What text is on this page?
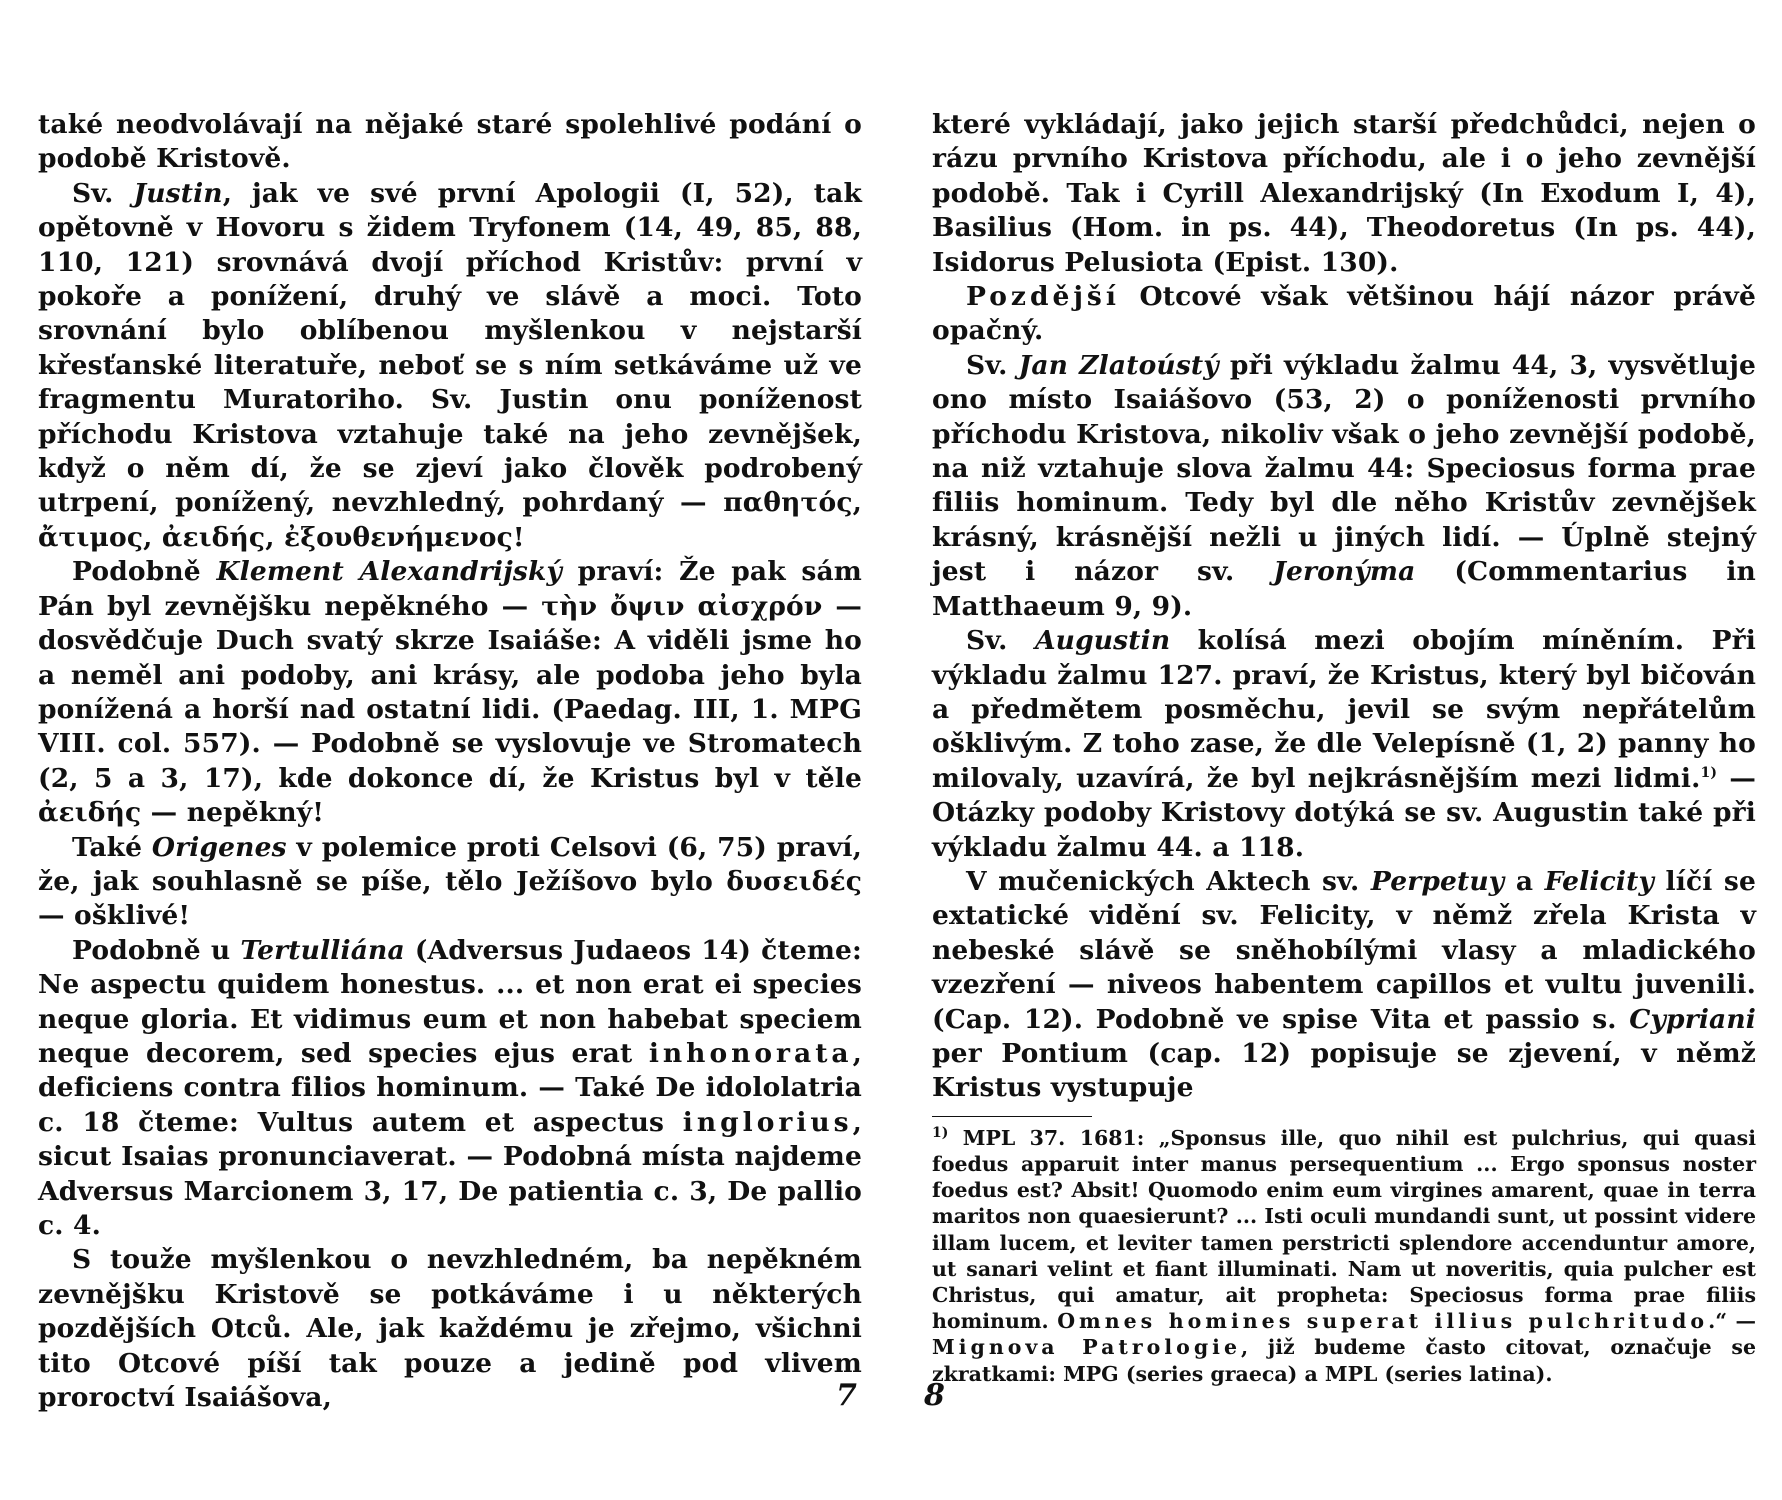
také neodvolávají na nějaké staré spolehlivé podání o podobě Kristově.

Sv. Justin, jak ve své první Apologii (I, 52), tak opětovně v Hovoru s židem Tryfonem (14, 49, 85, 88, 110, 121) srovnává dvojí příchod Kristův: první v pokoře a ponížení, druhý ve slávě a moci. Toto srovnání bylo oblíbenou myšlenkou v nejstarší křesťanské literatuře, neboť se s ním setkáváme už ve fragmentu Muratoriho. Sv. Justin onu poníženost příchodu Kristova vztahuje také na jeho zevnějšek, když o něm dí, že se zjeví jako člověk podrobený utrpení, ponížený, nevzhledný, pohrdaný — παθητός, ἄτιμος, ἀειδής, ἐξουθενήμενος!

Podobně Klement Alexandrijský praví: Že pak sám Pán byl zevnějšku nepěkného — τὴν ὄψιν αἰσχρόν — dosvědčuje Duch svatý skrze Isaiáše: A viděli jsme ho a neměl ani podoby, ani krásy, ale podoba jeho byla ponížená a horší nad ostatní lidi. (Paedag. III, 1. MPG VIII. col. 557). — Podobně se vyslovuje ve Stromatech (2, 5 a 3, 17), kde dokonce dí, že Kristus byl v těle ἀειδής — nepěkný!

Také Origenes v polemice proti Celsovi (6, 75) praví, že, jak souhlasně se píše, tělo Ježíšovo bylo δυσειδές — ošklivé!

Podobně u Tertulliána (Adversus Judaeos 14) čteme: Ne aspectu quidem honestus. ... et non erat ei species neque gloria. Et vidimus eum et non habebat speciem neque decorem, sed species ejus erat inhonorata, deficiens contra filios hominum. — Také De idololatria c. 18 čteme: Vultus autem et aspectus inglorius, sicut Isaias pronunciaverat. — Podobná místa najdeme Adversus Marcionem 3, 17, De patientia c. 3, De pallio c. 4.

S touže myšlenkou o nevzhledném, ba nepěkném zevnějšku Kristově se potkáváme i u některých pozdějších Otců. Ale, jak každému je zřejmo, všichni tito Otcové píší tak pouze a jedině pod vlivem proroctví Isaiášova,

které vykládají, jako jejich starší předchůdci, nejen o rázu prvního Kristova příchodu, ale i o jeho zevnější podobě. Tak i Cyrill Alexandrijský (In Exodum I, 4), Basilius (Hom. in ps. 44), Theodoretus (In ps. 44), Isidorus Pelusiota (Epist. 130).

Pozdější Otcové však většinou hájí názor právě opačný.

Sv. Jan Zlatoústý při výkladu žalmu 44, 3, vysvětluje ono místo Isaiášovo (53, 2) o poníženosti prvního příchodu Kristova, nikoliv však o jeho zevnější podobě, na niž vztahuje slova žalmu 44: Speciosus forma prae filiis hominum. Tedy byl dle něho Kristův zevnějšek krásný, krásnější nežli u jiných lidí. — Úplně stejný jest i názor sv. Jeronýma (Commentarius in Matthaeum 9, 9).

Sv. Augustin kolísá mezi obojím míněním. Při výkladu žalmu 127. praví, že Kristus, který byl bičován a předmětem posměchu, jevil se svým nepřátelům ošklivým. Z toho zase, že dle Velepísně (1, 2) panny ho milovaly, uzavírá, že byl nejkrásnějším mezi lidmi.$^{1)}$ — Otázky podoby Kristovy dotýká se sv. Augustin také při výkladu žalmu 44. a 118.

V mučenických Aktech sv. Perpetuy a Felicity líčí se extatické vidění sv. Felicity, v němž zřela Krista v nebeské slávě se sněhobílými vlasy a mladického vzezření — niveos habentem capillos et vultu juvenili. (Cap. 12). Podobně ve spise Vita et passio s. Cypriani per Pontium (cap. 12) popisuje se zjevení, v němž Kristus vystupuje

$^{1)}$ MPL 37. 1681: „Sponsus ille, quo nihil est pulchrius, qui quasi foedus apparuit inter manus persequentium ... Ergo sponsus noster foedus est? Absit! Quomodo enim eum virgines amarent, quae in terra maritos non quaesierunt? ... Isti oculi mundandi sunt, ut possint videre illam lucem, et leviter tamen perstricti splendore accenduntur amore, ut sanari velint et fiant illuminati. Nam ut noveritis, quia pulcher est Christus, qui amatur, ait propheta: Speciosus forma prae filiis hominum. Omnes homines superat illius pulchritudo.“ — Mignova Patrologie, již budeme často citovat, označuje se zkratkami: MPG (series graeca) a MPL (series latina).

7 8
